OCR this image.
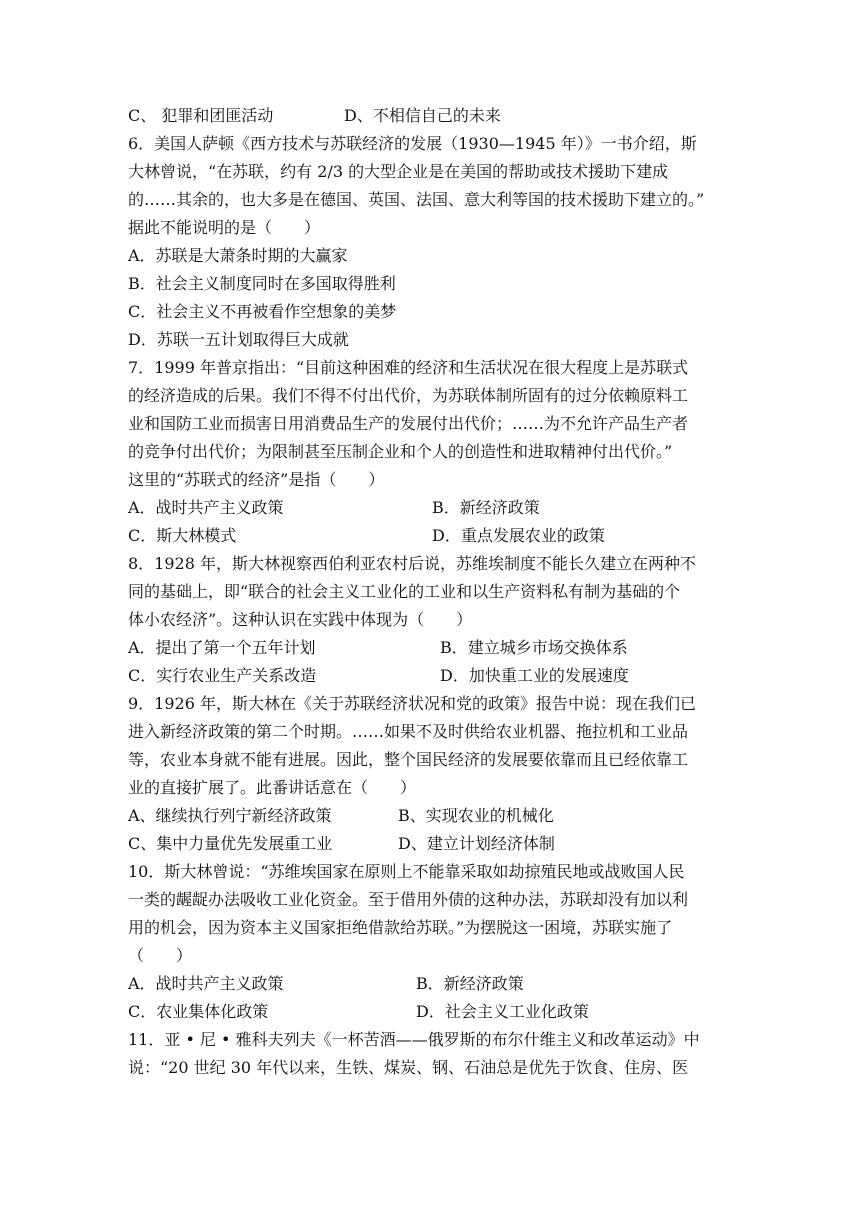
C、 犯罪和团匪活动	D、不相信自己的未来
6．美国人萨顿《西方技术与苏联经济的发展（1930—1945 年）》一书介绍，斯
大林曾说，“在苏联，约有 2/3 的大型企业是在美国的帮助或技术援助下建成
的……其余的，也大多是在德国、英国、法国、意大利等国的技术援助下建立的。”
据此不能说明的是（　　）
A．苏联是大萧条时期的大赢家
B．社会主义制度同时在多国取得胜利
C．社会主义不再被看作空想象的美梦
D．苏联一五计划取得巨大成就
7．1999 年普京指出：“目前这种困难的经济和生活状况在很大程度上是苏联式
的经济造成的后果。我们不得不付出代价，为苏联体制所固有的过分依赖原料工
业和国防工业而损害日用消费品生产的发展付出代价；……为不允许产品生产者
的竞争付出代价；为限制甚至压制企业和个人的创造性和进取精神付出代价。”
这里的“苏联式的经济”是指（　　）
A．战时共产主义政策	B．新经济政策
C．斯大林模式	D．重点发展农业的政策
8．1928 年，斯大林视察西伯利亚农村后说，苏维埃制度不能长久建立在两种不
同的基础上，即“联合的社会主义工业化的工业和以生产资料私有制为基础的个
体小农经济”。这种认识在实践中体现为（　　）
A．提出了第一个五年计划	B．建立城乡市场交换体系
C．实行农业生产关系改造	D．加快重工业的发展速度
9．1926 年，斯大林在《关于苏联经济状况和党的政策》报告中说：现在我们已
进入新经济政策的第二个时期。……如果不及时供给农业机器、拖拉机和工业品
等，农业本身就不能有进展。因此，整个国民经济的发展要依靠而且已经依靠工
业的直接扩展了。此番讲话意在（　　）
A、继续执行列宁新经济政策	B、实现农业的机械化
C、集中力量优先发展重工业	D、建立计划经济体制
10．斯大林曾说：“苏维埃国家在原则上不能靠采取如劫掠殖民地或战败国人民
一类的龌龊办法吸收工业化资金。至于借用外债的这种办法，苏联却没有加以利
用的机会，因为资本主义国家拒绝借款给苏联。”为摆脱这一困境，苏联实施了
（　　）
A．战时共产主义政策	B．新经济政策
C．农业集体化政策	D．社会主义工业化政策
11．亚 • 尼 • 雅科夫列夫《一杯苦酒——俄罗斯的布尔什维主义和改革运动》中
说：“20 世纪 30 年代以来，生铁、煤炭、钢、石油总是优先于饮食、住房、医
